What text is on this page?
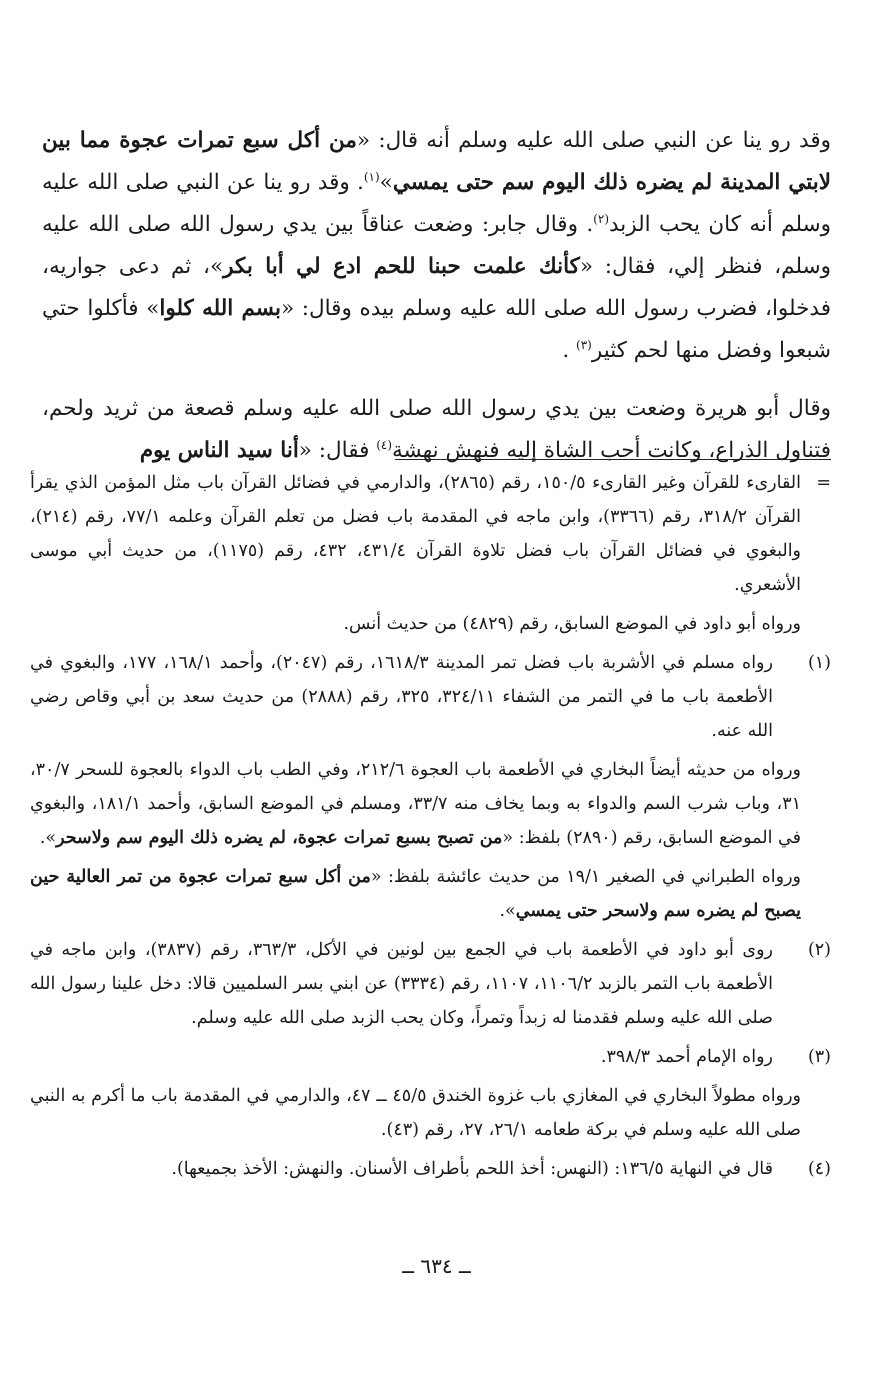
وقد رو ينا عن النبي صلى الله عليه وسلم أنه قال: «من أكل سبع تمرات عجوة مما بين لابتي المدينة لم يضره ذلك اليوم سم حتى يمسي»$^{(١)}$. وقد رو ينا عن النبي صلى الله عليه وسلم أنه كان يحب الزبد$^{(٢)}$. وقال جابر: وضعت عناقاً بين يدي رسول الله صلى الله عليه وسلم، فنظر إلي، فقال: «كأنك علمت حبنا للحم ادع لي أبا بكر»، ثم دعى جواريه، فدخلوا، فضرب رسول الله صلى الله عليه وسلم بيده وقال: «بسم الله كلوا» فأكلوا حتي شبعوا وفضل منها لحم كثير$^{(٣)}$ .

وقال أبو هريرة وضعت بين يدي رسول الله صلى الله عليه وسلم قصعة من ثريد ولحم، فتناول الذراع، وكانت أحب الشاة إليه فنهش نهشة$^{(٤)}$ فقال: «أنا سيد الناس يوم

=
القارىء للقرآن وغير القارىء ١٥٠/٥، رقم (٢٨٦٥)، والدارمي في فضائل القرآن باب مثل المؤمن الذي يقرأ القرآن ٣١٨/٢، رقم (٣٣٦٦)، وابن ماجه في المقدمة باب فضل من تعلم القرآن وعلمه ٧٧/١، رقم (٢١٤)، والبغوي في فضائل القرآن باب فضل تلاوة القرآن ٤٣١/٤، ٤٣٢، رقم (١١٧٥)، من حديث أبي موسى الأشعري.

ورواه أبو داود في الموضع السابق، رقم (٤٨٢٩) من حديث أنس.

(١)
رواه مسلم في الأشربة باب فضل تمر المدينة ١٦١٨/٣، رقم (٢٠٤٧)، وأحمد ١٦٨/١، ١٧٧، والبغوي في الأطعمة باب ما في التمر من الشفاء ٣٢٤/١١، ٣٢٥، رقم (٢٨٨٨) من حديث سعد بن أبي وقاص رضي الله عنه.

ورواه من حديثه أيضاً البخاري في الأطعمة باب العجوة ٢١٢/٦، وفي الطب باب الدواء بالعجوة للسحر ٣٠/٧، ٣١، وباب شرب السم والدواء به وبما يخاف منه ٣٣/٧، ومسلم في الموضع السابق، وأحمد ١٨١/١، والبغوي في الموضع السابق، رقم (٢٨٩٠) بلفظ: «من تصبح بسبع تمرات عجوة، لم يضره ذلك اليوم سم ولاسحر».

ورواه الطبراني في الصغير ١٩/١ من حديث عائشة بلفظ: «من أكل سبع تمرات عجوة من تمر العالية حين يصبح لم يضره سم ولاسحر حتى يمسي».

(٢)
روى أبو داود في الأطعمة باب في الجمع بين لونين في الأكل، ٣٦٣/٣، رقم (٣٨٣٧)، وابن ماجه في الأطعمة باب التمر بالزبد ١١٠٦/٢، ١١٠٧، رقم (٣٣٣٤) عن ابني بسر السلميين قالا: دخل علينا رسول الله صلى الله عليه وسلم فقدمنا له زبداً وتمراً، وكان يحب الزبد صلى الله عليه وسلم.

(٣)
رواه الإمام أحمد ٣٩٨/٣.

ورواه مطولاً البخاري في المغازي باب غزوة الخندق ٤٥/٥ ــ ٤٧، والدارمي في المقدمة باب ما أكرم به النبي صلى الله عليه وسلم في بركة طعامه ٢٦/١، ٢٧، رقم (٤٣).

(٤)
قال في النهاية ١٣٦/٥: (النهس: أخذ اللحم بأطراف الأسنان. والنهش: الأخذ بجميعها).

ــ ٦٣٤ ــ
